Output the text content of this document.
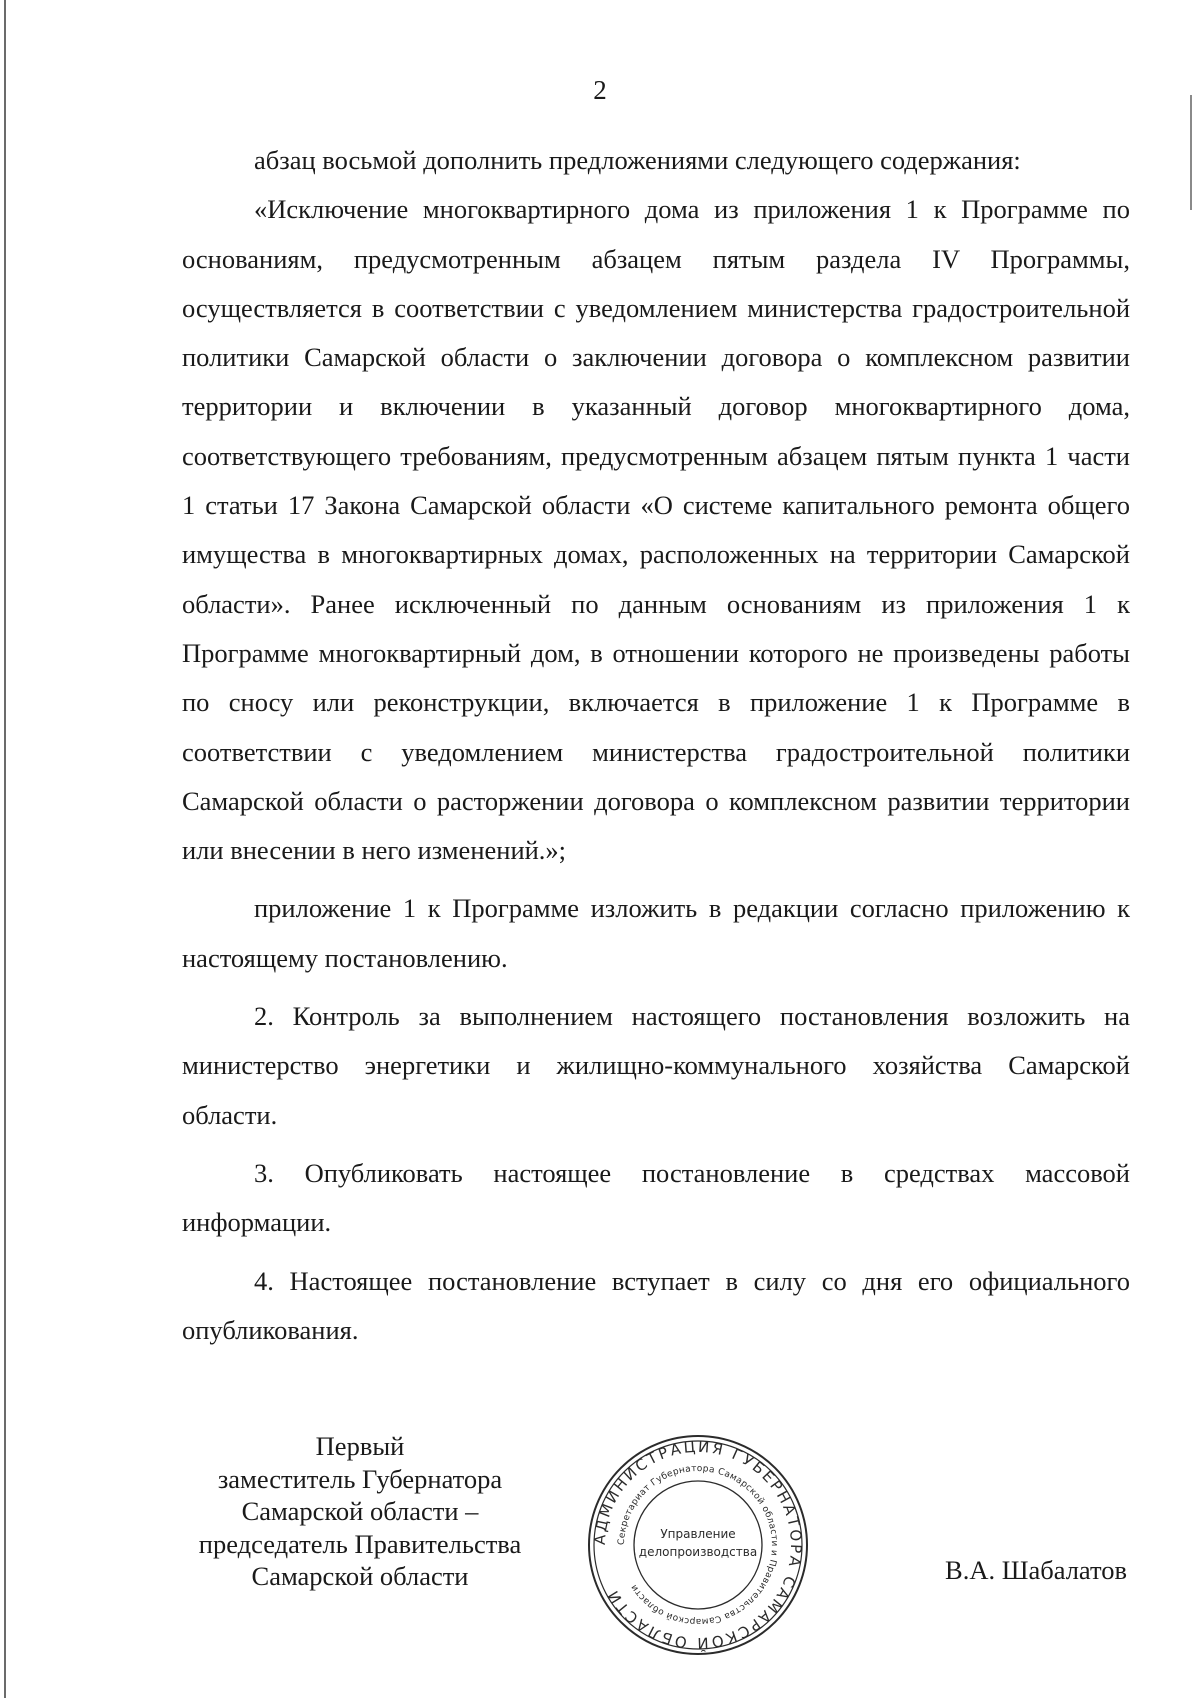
2

абзац восьмой дополнить предложениями следующего содержания:

«Исключение многоквартирного дома из приложения 1 к Программе по основаниям, предусмотренным абзацем пятым раздела IV Программы, осуществляется в соответствии с уведомлением министерства градостроительной политики Самарской области о заключении договора о комплексном развитии территории и включении в указанный договор многоквартирного дома, соответствующего требованиям, предусмотренным абзацем пятым пункта 1 части 1 статьи 17 Закона Самарской области «О системе капитального ремонта общего имущества в многоквартирных домах, расположенных на территории Самарской области». Ранее исключенный по данным основаниям из приложения 1 к Программе многоквартирный дом, в отношении которого не произведены работы по сносу или реконструкции, включается в приложение 1 к Программе в соответствии с уведомлением министерства градостроительной политики Самарской области о расторжении договора о комплексном развитии территории или внесении в него изменений.»;

приложение 1 к Программе изложить в редакции согласно приложению к настоящему постановлению.

2. Контроль за выполнением настоящего постановления возложить на министерство энергетики и жилищно-коммунального хозяйства Самарской области.

3. Опубликовать настоящее постановление в средствах массовой информации.

4. Настоящее постановление вступает в силу со дня его официального опубликования.

Первый
заместитель Губернатора
Самарской области –
председатель Правительства
Самарской области
АДМИНИСТРАЦИЯ ГУБЕРНАТОРА САМАРСКОЙ ОБЛАСТИ
Секретариат Губернатора Самарской области и Правительства Самарской области
Управление
делопроизводства
В.А. Шабалатов
